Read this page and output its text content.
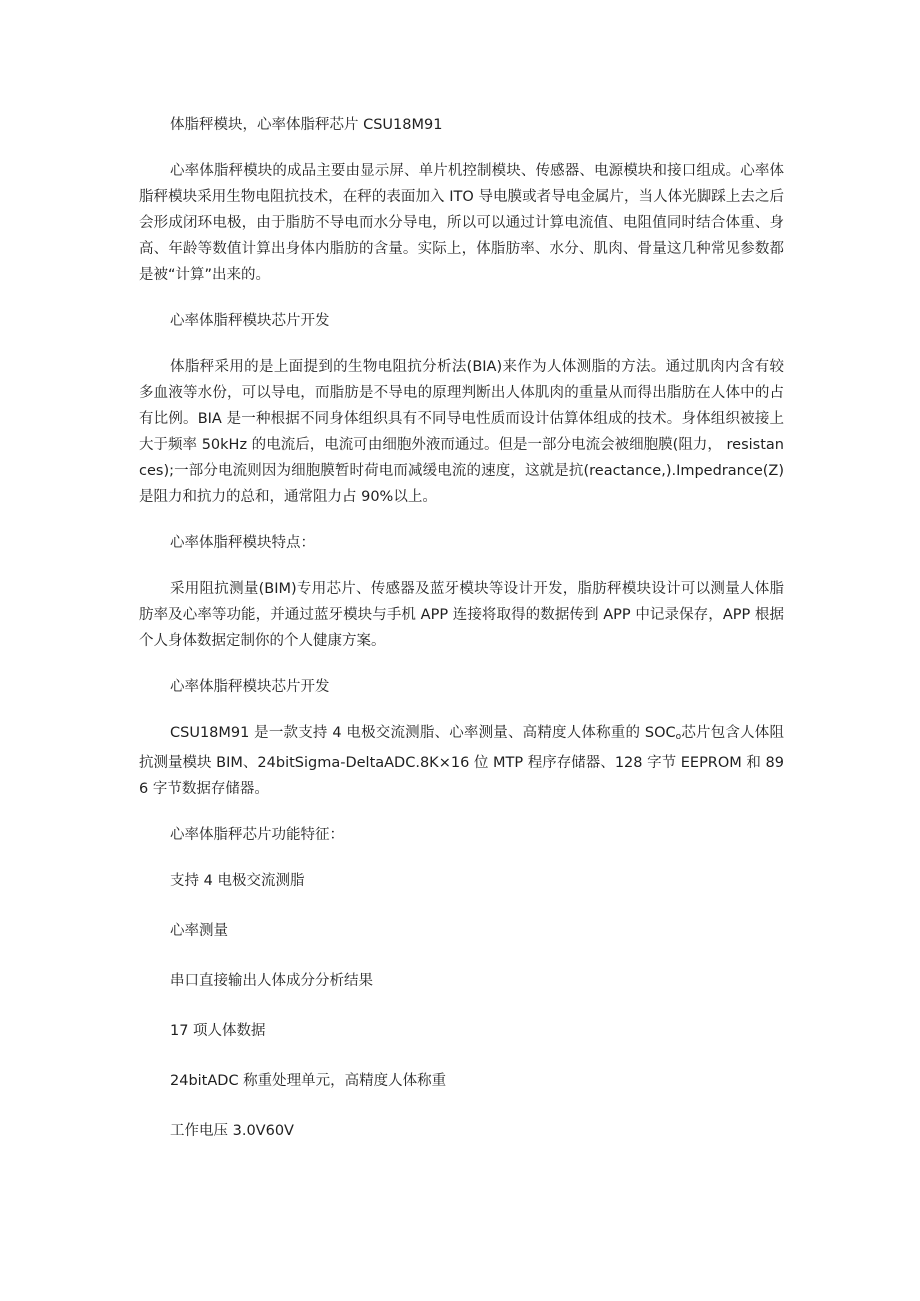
体脂秤模块，心率体脂秤芯片 CSU18M91

心率体脂秤模块的成品主要由显示屏、单片机控制模块、传感器、电源模块和接口组成。心率体脂秤模块采用生物电阻抗技术，在秤的表面加入 ITO 导电膜或者导电金属片，当人体光脚踩上去之后会形成闭环电极，由于脂肪不导电而水分导电，所以可以通过计算电流值、电阻值同时结合体重、身高、年龄等数值计算出身体内脂肪的含量。实际上，体脂肪率、水分、肌肉、骨量这几种常见参数都是被“计算”出来的。

心率体脂秤模块芯片开发

体脂秤采用的是上面提到的生物电阻抗分析法(BIA)来作为人体测脂的方法。通过肌肉内含有较多血液等水份，可以导电，而脂肪是不导电的原理判断出人体肌肉的重量从而得出脂肪在人体中的占有比例。BIA 是一种根据不同身体组织具有不同导电性质而设计估算体组成的技术。身体组织被接上大于频率 50kHz 的电流后，电流可由细胞外液而通过。但是一部分电流会被细胞膜(阻力， resistances);一部分电流则因为细胞膜暂时荷电而减缓电流的速度，这就是抗(reactance,).Impedrance(Z)是阻力和抗力的总和，通常阻力占 90%以上。

心率体脂秤模块特点：

采用阻抗测量(BIM)专用芯片、传感器及蓝牙模块等设计开发，脂肪秤模块设计可以测量人体脂肪率及心率等功能，并通过蓝牙模块与手机 APP 连接将取得的数据传到 APP 中记录保存，APP 根据个人身体数据定制你的个人健康方案。

心率体脂秤模块芯片开发

CSU18M91 是一款支持 4 电极交流测脂、心率测量、高精度人体称重的 $SOC_o$芯片包含人体阻抗测量模块 BIM、24bitSigma-DeltaADC.8K×16 位 MTP 程序存储器、128 字节 EEPROM 和 896 字节数据存储器。

心率体脂秤芯片功能特征：

支持 4 电极交流测脂
心率测量
串口直接输出人体成分分析结果
17 项人体数据
24bitADC 称重处理单元，高精度人体称重
工作电压 3.0V60V
